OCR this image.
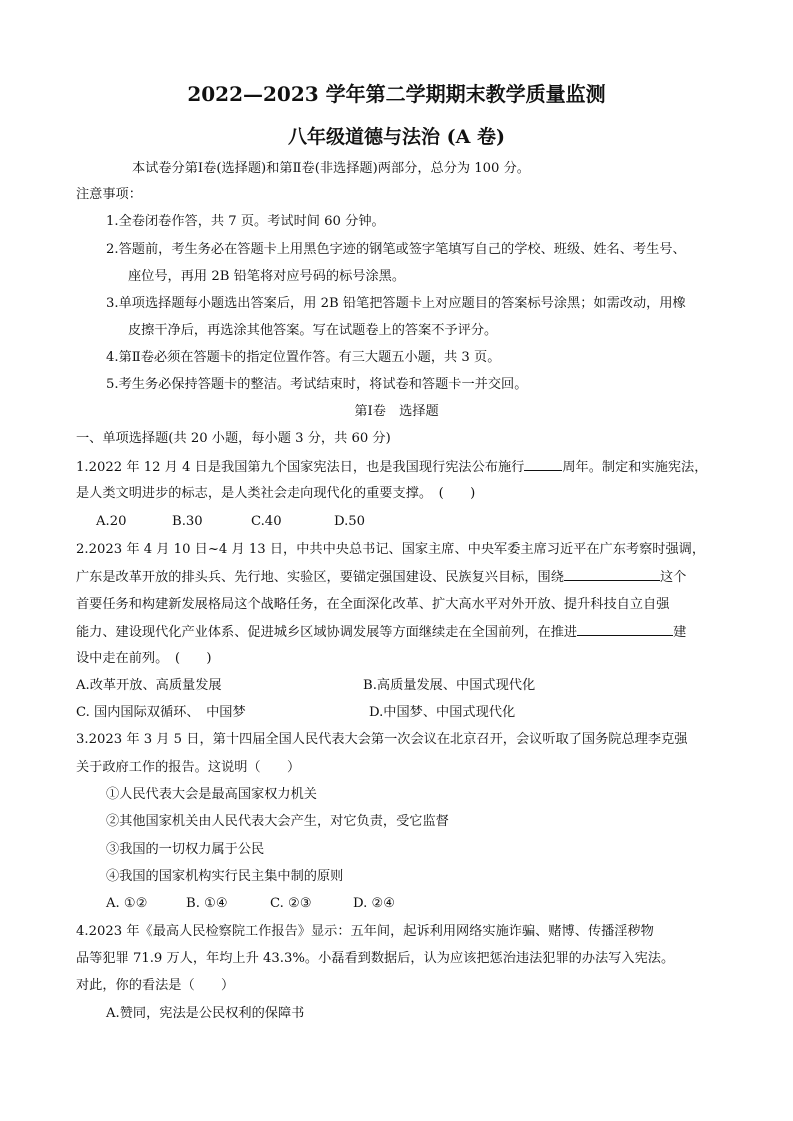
2022—2023 学年第二学期期末教学质量监测
八年级道德与法治 (A 卷)
本试卷分第Ⅰ卷(选择题)和第Ⅱ卷(非选择题)两部分，总分为 100 分。
注意事项：
1.全卷闭卷作答，共 7 页。考试时间 60 分钟。
2.答题前，考生务必在答题卡上用黑色字迹的钢笔或签字笔填写自己的学校、班级、姓名、考生号、
座位号，再用 2B 铅笔将对应号码的标号涂黑。
3.单项选择题每小题选出答案后，用 2B 铅笔把答题卡上对应题目的答案标号涂黑；如需改动，用橡
皮擦干净后，再选涂其他答案。写在试题卷上的答案不予评分。
4.第Ⅱ卷必须在答题卡的指定位置作答。有三大题五小题，共 3 页。
5.考生务必保持答题卡的整洁。考试结束时，将试卷和答题卡一并交回。
第Ⅰ卷　选择题
一、单项选择题(共 20 小题，每小题 3 分，共 60 分)
1.2022 年 12 月 4 日是我国第九个国家宪法日，也是我国现行宪法公布施行	周年。制定和实施宪法，
是人类文明进步的标志，是人类社会走向现代化的重要支撑。　(　　)
A.20	B.30	C.40	D.50
2.2023 年 4 月 10 日~4 月 13 日，中共中央总书记、国家主席、中央军委主席习近平在广东考察时强调，
广东是改革开放的排头兵、先行地、实验区，要锚定强国建设、民族复兴目标，围绕	这个
首要任务和构建新发展格局这个战略任务，在全面深化改革、扩大高水平对外开放、提升科技自立自强
能力、建设现代化产业体系、促进城乡区域协调发展等方面继续走在全国前列，在推进	建
设中走在前列。　(　　)
A.改革开放、高质量发展	B.高质量发展、中国式现代化
C. 国内国际双循环、　中国梦	D.中国梦、中国式现代化
3.2023 年 3 月 5 日，第十四届全国人民代表大会第一次会议在北京召开，会议听取了国务院总理李克强
关于政府工作的报告。这说明（　　）
①人民代表大会是最高国家权力机关
②其他国家机关由人民代表大会产生，对它负责，受它监督
③我国的一切权力属于公民
④我国的国家机构实行民主集中制的原则
A. ①②	B. ①④	C. ②③	D. ②④
4.2023 年《最高人民检察院工作报告》显示：五年间，起诉利用网络实施诈骗、赌博、传播淫秽物
品等犯罪 71.9 万人，年均上升 43.3%。小磊看到数据后，认为应该把惩治违法犯罪的办法写入宪法。
对此，你的看法是（　　）
A.赞同，宪法是公民权利的保障书
